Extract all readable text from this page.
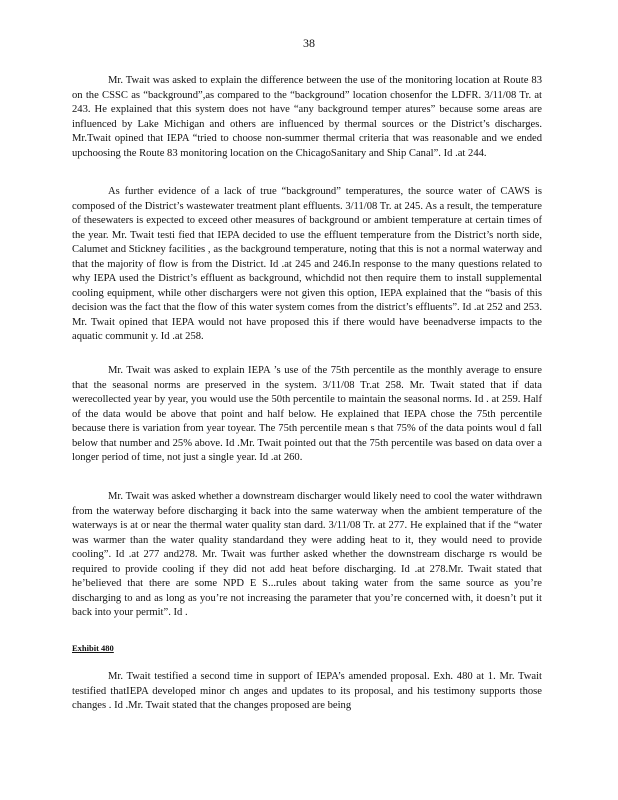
38

Mr. Twait was asked to explain the difference between the use of the monitoring location at Route 83 on the CSSC as “background”,as compared to the “background” location chosenfor the LDFR. 3/11/08 Tr. at 243. He explained that this system does not have “any background temper atures” because some areas are influenced by Lake Michigan and others are influenced by thermal sources or the District’s discharges. Mr.Twait opined that IEPA “tried to choose non-summer thermal criteria that was reasonable and we ended upchoosing the Route 83 monitoring location on the ChicagoSanitary and Ship Canal”. Id .at 244.

As further evidence of a lack of true “background” temperatures, the source water of CAWS is composed of the District’s wastewater treatment plant effluents. 3/11/08 Tr. at 245. As a result, the temperature of thesewaters is expected to exceed other measures of background or ambient temperature at certain times of the year. Mr. Twait testi fied that IEPA decided to use the effluent temperature from the District’s north side, Calumet and Stickney facilities , as the background temperature, noting that this is not a normal waterway and that the majority of flow is from the District. Id .at 245 and 246.In response to the many questions related to why IEPA used the District’s effluent as background, whichdid not then require them to install supplemental cooling equipment, while other dischargers were not given this option, IEPA explained that the “basis of this decision was the fact that the flow of this water system comes from the district’s effluents”. Id .at 252 and 253. Mr. Twait opined that IEPA would not have proposed this if there would have beenadverse impacts to the aquatic communit y. Id .at 258.

Mr. Twait was asked to explain IEPA ’s use of the 75th percentile as the monthly average to ensure that the seasonal norms are preserved in the system. 3/11/08 Tr.at 258. Mr. Twait stated that if data werecollected year by year, you would use the 50th percentile to maintain the seasonal norms. Id . at 259. Half of the data would be above that point and half below. He explained that IEPA chose the 75th percentile because there is variation from year toyear. The 75th percentile mean s that 75% of the data points woul d fall below that number and 25% above. Id .Mr. Twait pointed out that the 75th percentile was based on data over a longer period of time, not just a single year. Id .at 260.

Mr. Twait was asked whether a downstream discharger would likely need to cool the water withdrawn from the waterway before discharging it back into the same waterway when the ambient temperature of the waterways is at or near the thermal water quality stan dard. 3/11/08 Tr. at 277. He explained that if the “water was warmer than the water quality standardand they were adding heat to it, they would need to provide cooling”. Id .at 277 and278. Mr. Twait was further asked whether the downstream discharge rs would be required to provide cooling if they did not add heat before discharging. Id .at 278.Mr. Twait stated that he’believed that there are some NPD E S...rules about taking water from the same source as you’re discharging to and as long as you’re not increasing the parameter that you’re concerned with, it doesn’t put it back into your permit”. Id .

Exhibit 480

Mr. Twait testified a second time in support of IEPA’s amended proposal. Exh. 480 at 1. Mr. Twait testified thatIEPA developed minor ch anges and updates to its proposal, and his testimony supports those changes . Id .Mr. Twait stated that the changes proposed are being
